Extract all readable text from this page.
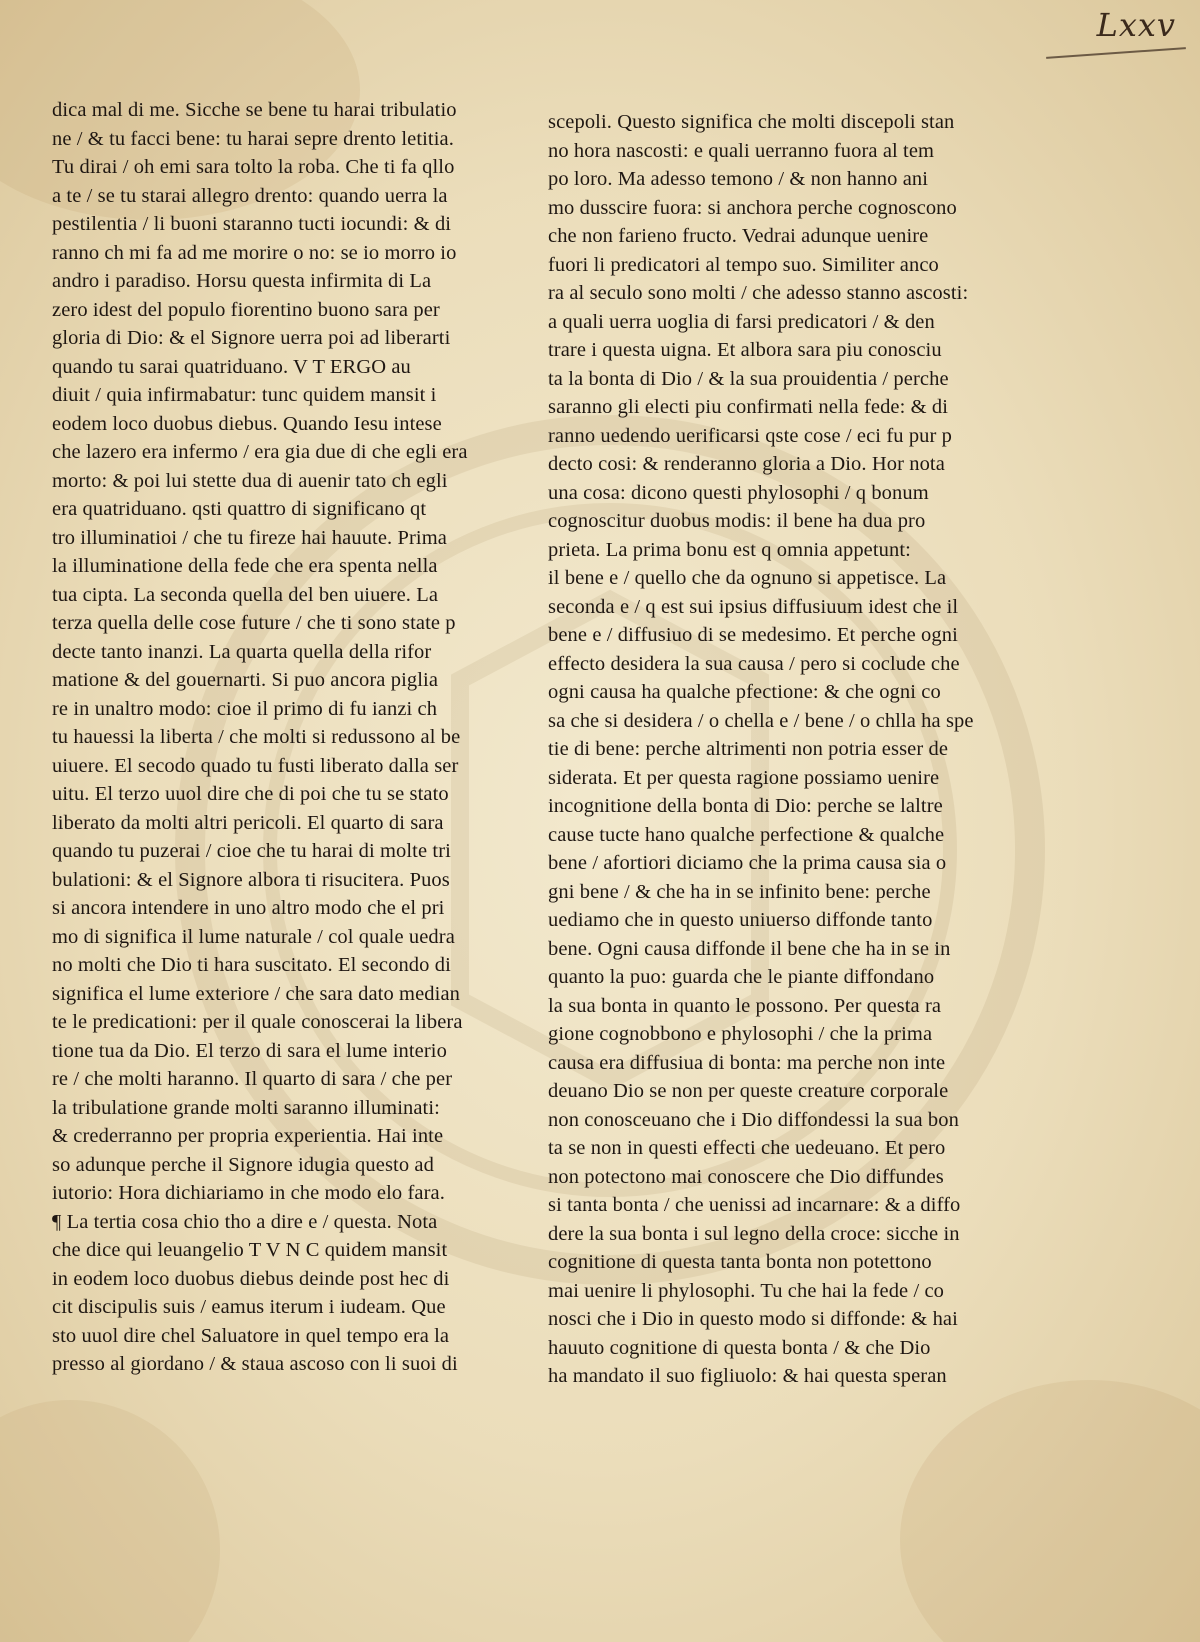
Lxxv
dica mal di me. Sicche se bene tu harai tribulatio
ne / & tu facci bene: tu harai sepre drento letitia.
Tu dirai / oh emi sara tolto la roba. Che ti fa qllo
a te / se tu starai allegro drento: quando uerra la
pestilentia / li buoni staranno tucti iocundi: & di
ranno ch mi fa ad me morire o no: se io morro io
andro i paradiso. Horsu questa infirmita di La
zero idest del populo fiorentino buono sara per
gloria di Dio: & el Signore uerra poi ad liberarti
quando tu sarai quatriduano. V T ERGO au
diuit / quia infirmabatur: tunc quidem mansit i
eodem loco duobus diebus. Quando Iesu intese
che lazero era infermo / era gia due di che egli era
morto: & poi lui stette dua di auenir tato ch egli
era quatriduano. qsti quattro di significano qt
tro illuminatioi / che tu fireze hai hauute. Prima
la illuminatione della fede che era spenta nella
tua cipta. La seconda quella del ben uiuere. La
terza quella delle cose future / che ti sono state p
decte tanto inanzi. La quarta quella della rifor
matione & del gouernarti. Si puo ancora piglia
re in unaltro modo: cioe il primo di fu ianzi ch
tu hauessi la liberta / che molti si redussono al be
uiuere. El secodo quado tu fusti liberato dalla ser
uitu. El terzo uuol dire che di poi che tu se stato
liberato da molti altri pericoli. El quarto di sara
quando tu puzerai / cioe che tu harai di molte tri
bulationi: & el Signore albora ti risucitera. Puos
si ancora intendere in uno altro modo che el pri
mo di significa il lume naturale / col quale uedra
no molti che Dio ti hara suscitato. El secondo di
significa el lume exteriore / che sara dato median
te le predicationi: per il quale conoscerai la libera
tione tua da Dio. El terzo di sara el lume interio
re / che molti haranno. Il quarto di sara / che per
la tribulatione grande molti saranno illuminati:
& crederranno per propria experientia. Hai inte
so adunque perche il Signore idugia questo ad
iutorio: Hora dichiariamo in che modo elo fara.
¶ La tertia cosa chio tho a dire e / questa. Nota
che dice qui leuangelio T V N C quidem mansit
in eodem loco duobus diebus deinde post hec di
cit discipulis suis / eamus iterum i iudeam. Que
sto uuol dire chel Saluatore in quel tempo era la
presso al giordano / & staua ascoso con li suoi di
scepoli. Questo significa che molti discepoli stan
no hora nascosti: e quali uerranno fuora al tem
po loro. Ma adesso temono / & non hanno ani
mo dusscire fuora: si anchora perche cognoscono
che non farieno fructo. Vedrai adunque uenire
fuori li predicatori al tempo suo. Similiter anco
ra al seculo sono molti / che adesso stanno ascosti:
a quali uerra uoglia di farsi predicatori / & den
trare i questa uigna. Et albora sara piu conosciu
ta la bonta di Dio / & la sua prouidentia / perche
saranno gli electi piu confirmati nella fede: & di
ranno uedendo uerificarsi qste cose / eci fu pur p
decto cosi: & renderanno gloria a Dio. Hor nota
una cosa: dicono questi phylosophi / q bonum
cognoscitur duobus modis: il bene ha dua pro
prieta. La prima bonu est q omnia appetunt:
il bene e / quello che da ognuno si appetisce. La
seconda e / q est sui ipsius diffusiuum idest che il
bene e / diffusiuo di se medesimo. Et perche ogni
effecto desidera la sua causa / pero si coclude che
ogni causa ha qualche pfectione: & che ogni co
sa che si desidera / o chella e / bene / o chlla ha spe
tie di bene: perche altrimenti non potria esser de
siderata. Et per questa ragione possiamo uenire
incognitione della bonta di Dio: perche se laltre
cause tucte hano qualche perfectione & qualche
bene / afortiori diciamo che la prima causa sia o
gni bene / & che ha in se infinito bene: perche
uediamo che in questo uniuerso diffonde tanto
bene. Ogni causa diffonde il bene che ha in se in
quanto la puo: guarda che le piante diffondano
la sua bonta in quanto le possono. Per questa ra
gione cognobbono e phylosophi / che la prima
causa era diffusiua di bonta: ma perche non inte
deuano Dio se non per queste creature corporale
non conosceuano che i Dio diffondessi la sua bon
ta se non in questi effecti che uedeuano. Et pero
non potectono mai conoscere che Dio diffundes
si tanta bonta / che uenissi ad incarnare: & a diffo
dere la sua bonta i sul legno della croce: sicche in
cognitione di questa tanta bonta non potettono
mai uenire li phylosophi. Tu che hai la fede / co
nosci che i Dio in questo modo si diffonde: & hai
hauuto cognitione di questa bonta / & che Dio
ha mandato il suo figliuolo: & hai questa speran
